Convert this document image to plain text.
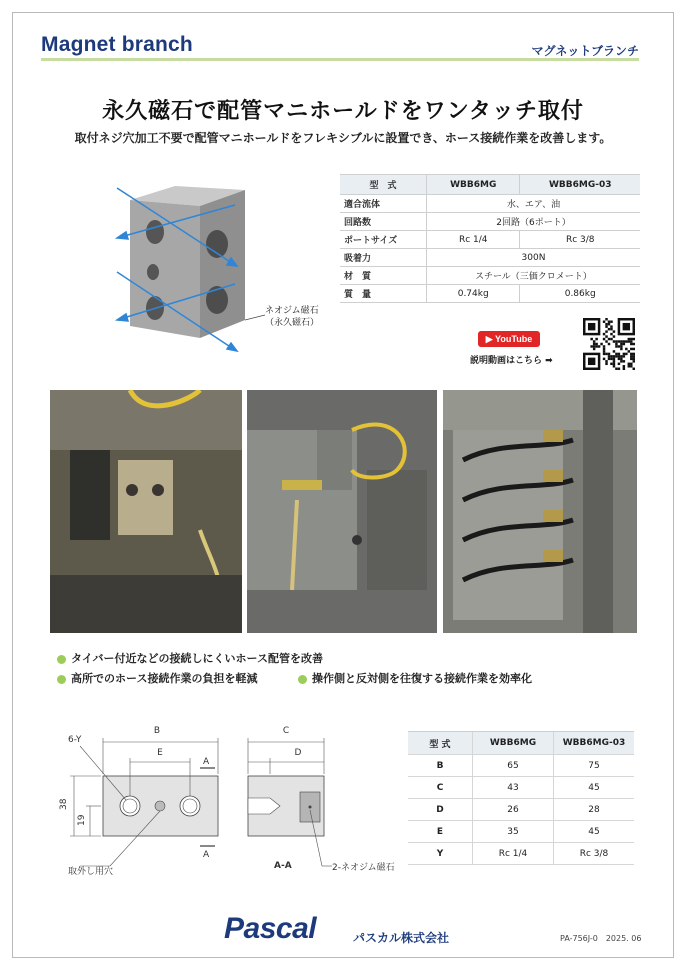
Magnet branch	マグネットブランチ
永久磁石で配管マニホールドをワンタッチ取付
取付ネジ穴加工不要で配管マニホールドをフレキシブルに設置でき、ホース接続作業を改善します。
ネオジム磁石
（永久磁石）
型　式	WBB6MG	WBB6MG-03
適合流体	水、エア、油	
回路数	2回路（6ポート）	
ポートサイズ	Rc 1/4	Rc 3/8
吸着力	300N	
材　質	スチール（三価クロメート）	
質　量	0.74kg	0.86kg
▶ YouTube
説明動画はこちら ➡
タイバー付近などの接続しにくいホース配管を改善
高所でのホース接続作業の負担を軽減	操作側と反対側を往復する接続作業を効率化
B
E
6-Y
A
A
38
19
取外し用穴
C
D
A-A	2-ネオジム磁石
型 式	WBB6MG	WBB6MG-03
B	65	75
C	43	45
D	26	28
E	35	45
Y	Rc 1/4	Rc 3/8
Pascal	パスカル株式会社	PA-756J-0　2025. 06
